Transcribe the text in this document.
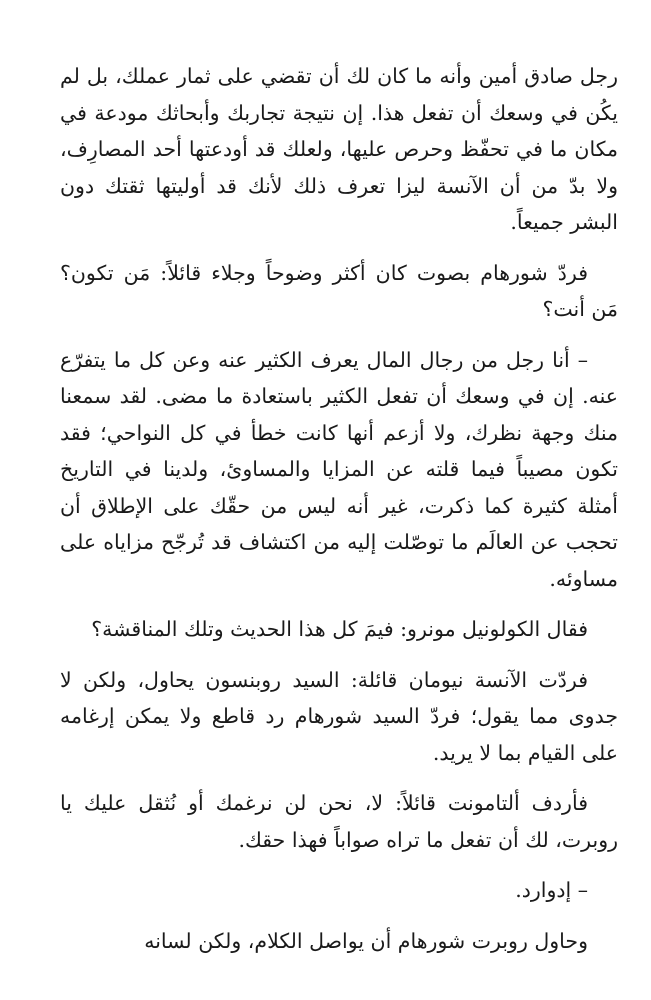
رجل صادق أمين وأنه ما كان لك أن تقضي على ثمار عملك، بل لم يكُن في وسعك أن تفعل هذا. إن نتيجة تجاربك وأبحاثك مودعة في مكان ما في تحفّظ وحرص عليها، ولعلك قد أودعتها أحد المصارِف، ولا بدّ من أن الآنسة ليزا تعرف ذلك لأنك قد أوليتها ثقتك دون البشر جميعاً.

فردّ شورهام بصوت كان أكثر وضوحاً وجلاء قائلاً: مَن تكون؟ مَن أنت؟

– أنا رجل من رجال المال يعرف الكثير عنه وعن كل ما يتفرّع عنه. إن في وسعك أن تفعل الكثير باستعادة ما مضى. لقد سمعنا منك وجهة نظرك، ولا أزعم أنها كانت خطأ في كل النواحي؛ فقد تكون مصيباً فيما قلته عن المزايا والمساوئ، ولدينا في التاريخ أمثلة كثيرة كما ذكرت، غير أنه ليس من حقّك على الإطلاق أن تحجب عن العالَم ما توصّلت إليه من اكتشاف قد تُرجّح مزاياه على مساوئه.

فقال الكولونيل مونرو: فيمَ كل هذا الحديث وتلك المناقشة؟

فردّت الآنسة نيومان قائلة: السيد روبنسون يحاول، ولكن لا جدوى مما يقول؛ فردّ السيد شورهام رد قاطع ولا يمكن إرغامه على القيام بما لا يريد.

فأردف ألتامونت قائلاً: لا، نحن لن نرغمك أو نُثقل عليك يا روبرت، لك أن تفعل ما تراه صواباً فهذا حقك.

– إدوارد.

وحاول روبرت شورهام أن يواصل الكلام، ولكن لسانه
